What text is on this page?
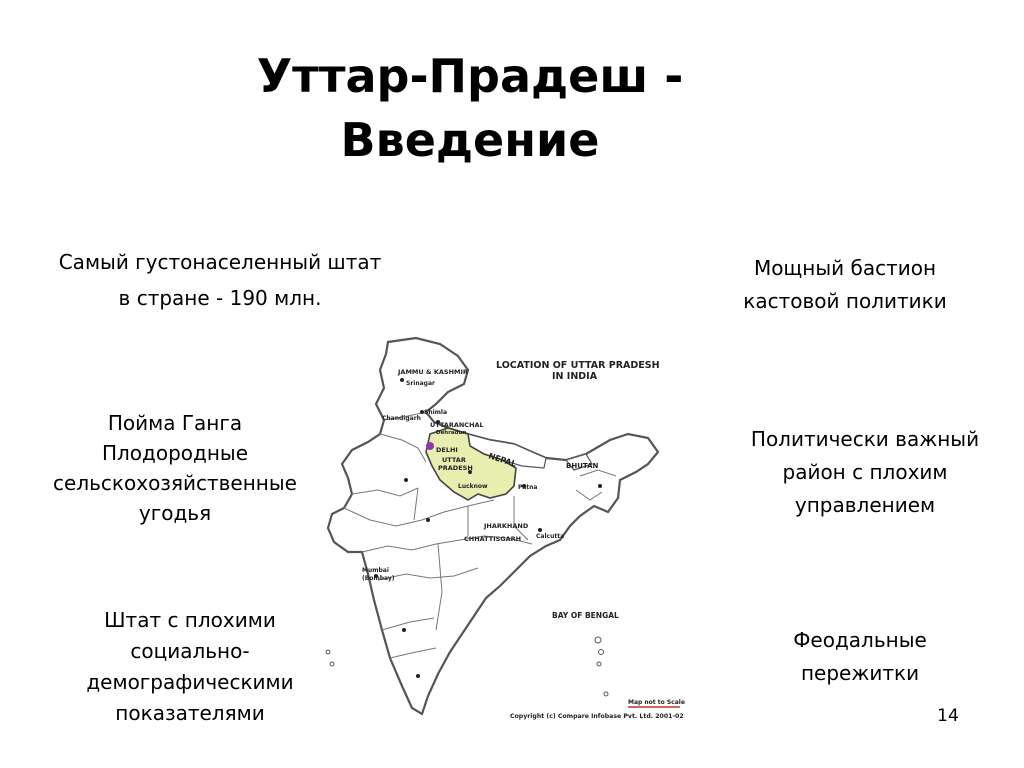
Уттар-Прадеш -
Введение
Самый густонаселенный штат
в стране - 190 млн.
Пойма Ганга
Плодородные
сельскохозяйственные
угодья
Штат с плохими
социально-
демографическими
показателями
Мощный бастион
кастовой политики
Политически важный
район с плохим
управлением
Феодальные
пережитки
14
LOCATION OF UTTAR PRADESH
IN INDIA
JAMMU & KASHMIR
Srinagar
Shimla
Chandigarh
UTTARANCHAL
Dehradun
DELHI
UTTAR
PRADESH
Lucknow
NEPAL	BHUTAN
Patna
JHARKHAND
CHHATTISGARH Calcutta
Mumbai
(Bombay)
BAY OF BENGAL
Map not to Scale
Copyright (c) Compare Infobase Pvt. Ltd. 2001-02
